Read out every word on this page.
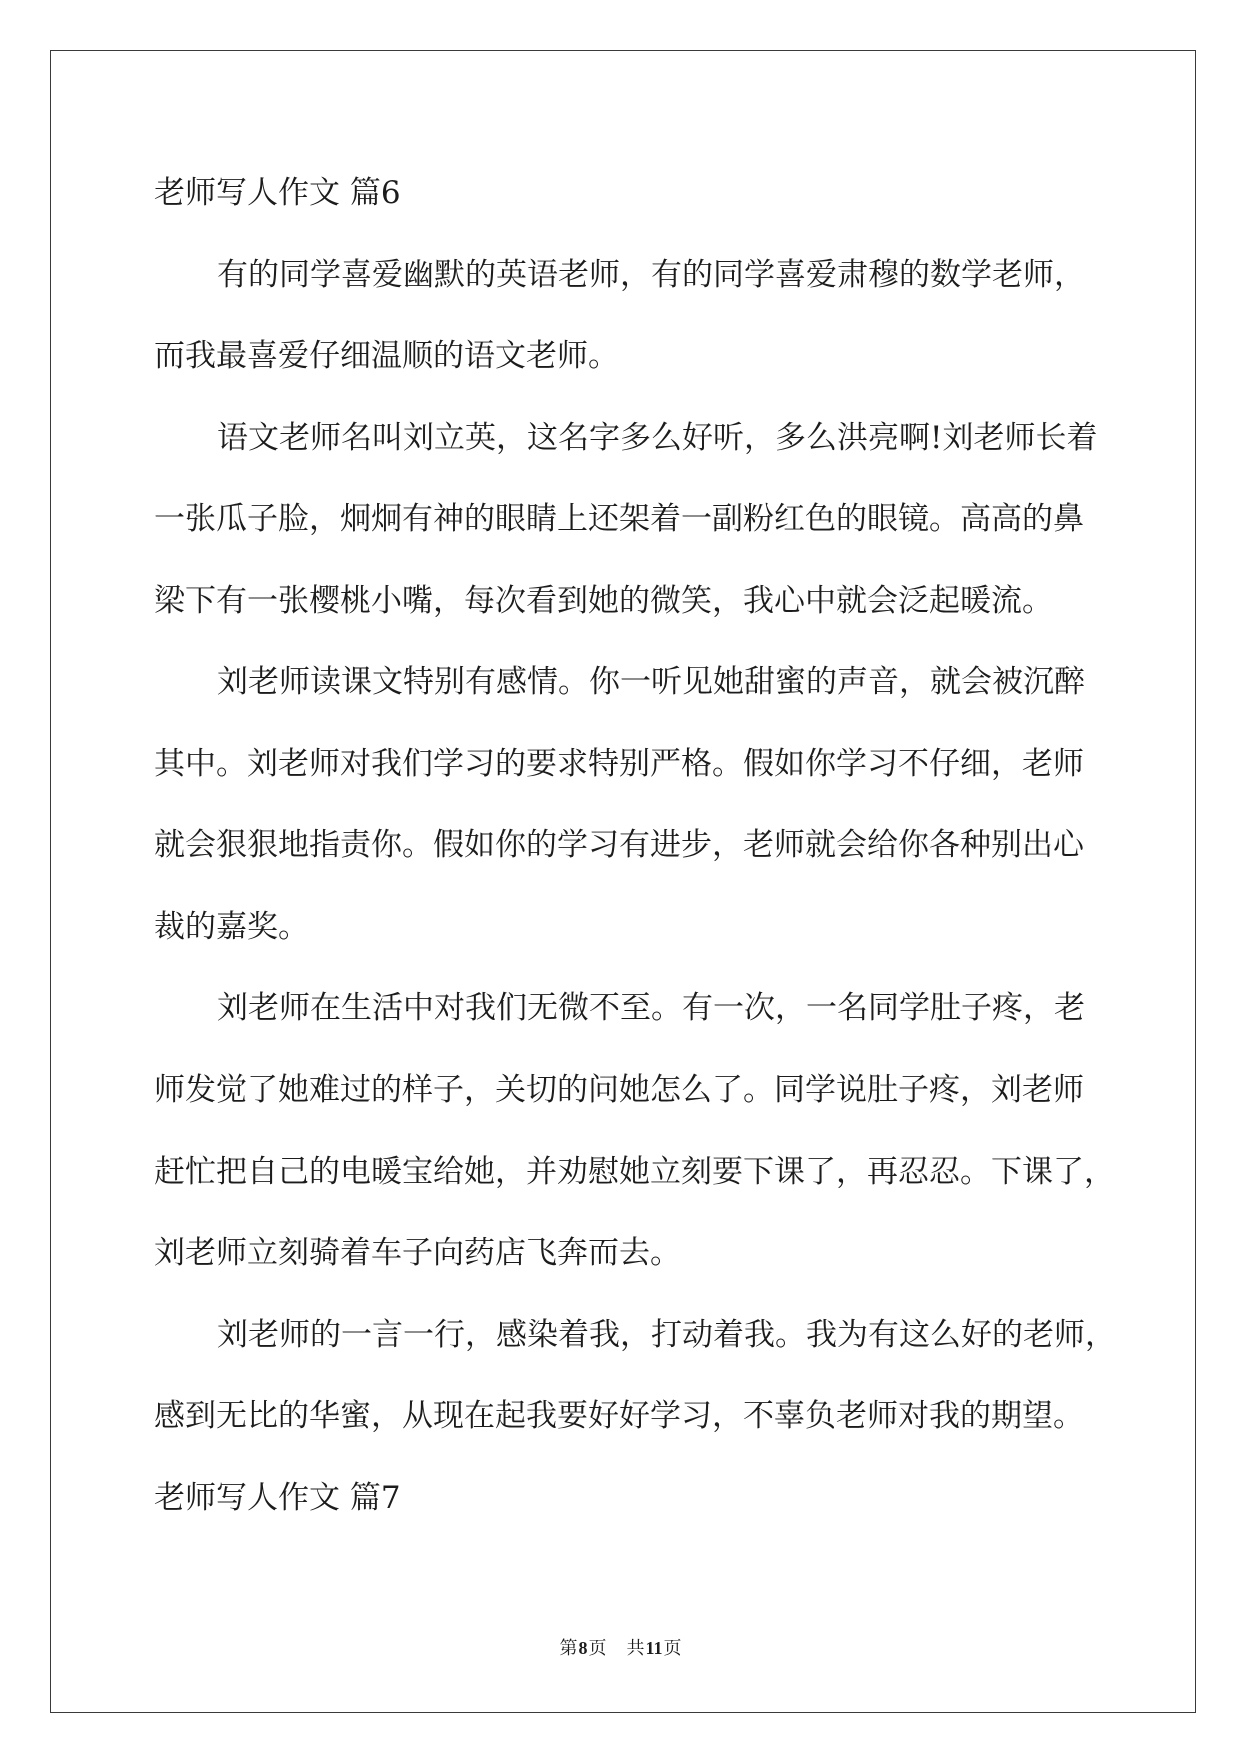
老师写人作文 篇6
有的同学喜爱幽默的英语老师，有的同学喜爱肃穆的数学老师，
而我最喜爱仔细温顺的语文老师。
语文老师名叫刘立英，这名字多么好听，多么洪亮啊!刘老师长着
一张瓜子脸，炯炯有神的眼睛上还架着一副粉红色的眼镜。高高的鼻
梁下有一张樱桃小嘴，每次看到她的微笑，我心中就会泛起暖流。
刘老师读课文特别有感情。你一听见她甜蜜的声音，就会被沉醉
其中。刘老师对我们学习的要求特别严格。假如你学习不仔细，老师
就会狠狠地指责你。假如你的学习有进步，老师就会给你各种别出心
裁的嘉奖。
刘老师在生活中对我们无微不至。有一次，一名同学肚子疼，老
师发觉了她难过的样子，关切的问她怎么了。同学说肚子疼，刘老师
赶忙把自己的电暖宝给她，并劝慰她立刻要下课了，再忍忍。下课了，
刘老师立刻骑着车子向药店飞奔而去。
刘老师的一言一行，感染着我，打动着我。我为有这么好的老师，
感到无比的华蜜，从现在起我要好好学习，不辜负老师对我的期望。
老师写人作文 篇7
第8页 共11页
